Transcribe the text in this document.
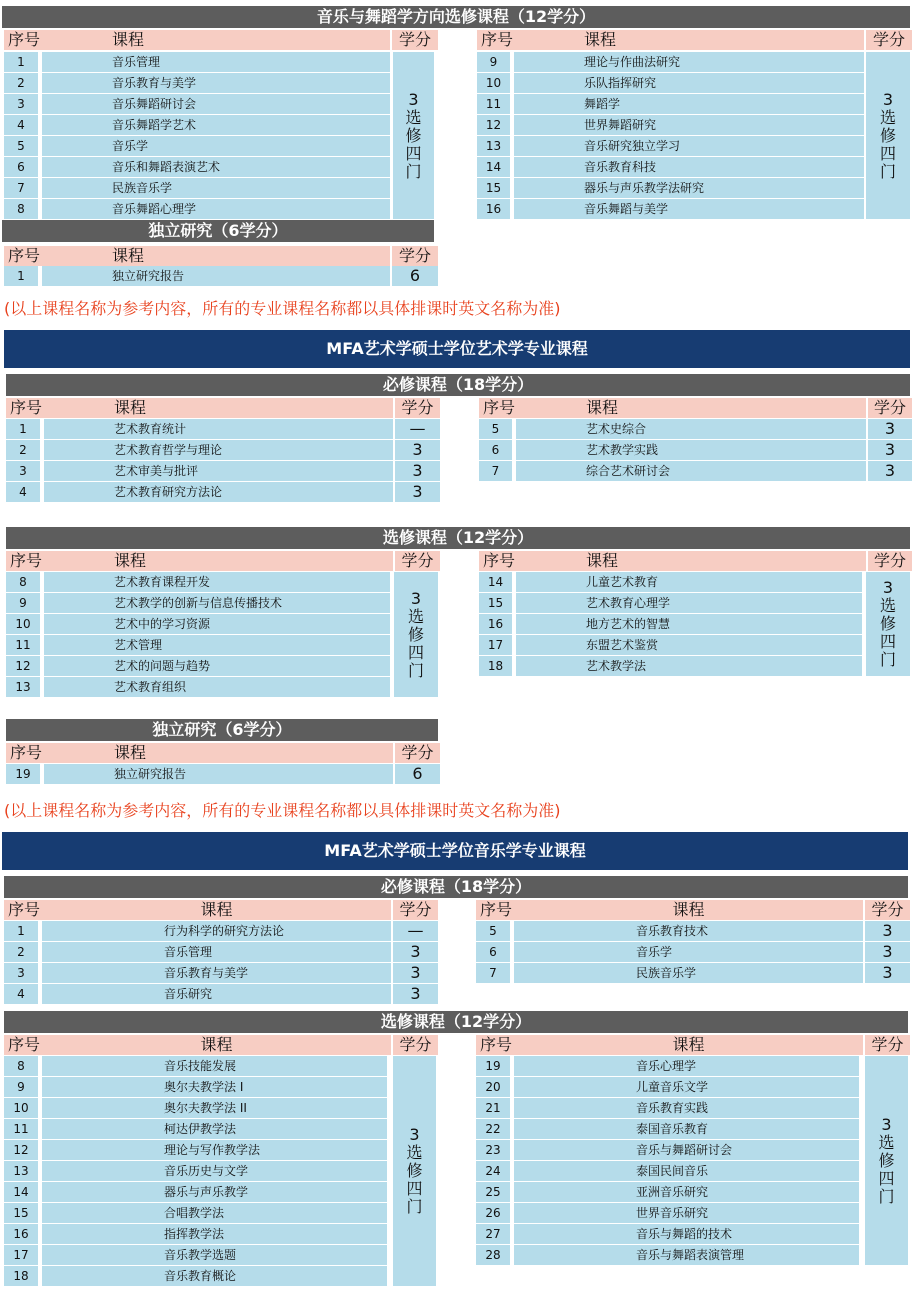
音乐与舞蹈学方向选修课程（12学分）
序号	课程	学分	序号	课程	学分
1	音乐管理
2	音乐教育与美学
3	音乐舞蹈研讨会
4	音乐舞蹈学艺术
5	音乐学
6	音乐和舞蹈表演艺术
7	民族音乐学
8	音乐舞蹈心理学
3选修四门
9	理论与作曲法研究
10	乐队指挥研究
11	舞蹈学
12	世界舞蹈研究
13	音乐研究独立学习
14	音乐教育科技
15	器乐与声乐教学法研究
16	音乐舞蹈与美学
3选修四门
独立研究（6学分）
序号	课程	学分
1	独立研究报告	6
(以上课程名称为参考内容，所有的专业课程名称都以具体排课时英文名称为准)
MFA艺术学硕士学位艺术学专业课程
必修课程（18学分）
序号	课程	学分	序号	课程	学分
1	艺术教育统计	—
2	艺术教育哲学与理论	3
3	艺术审美与批评	3
4	艺术教育研究方法论	3
5	艺术史综合	3
6	艺术教学实践	3
7	综合艺术研讨会	3
选修课程（12学分）
序号	课程	学分	序号	课程	学分
8	艺术教育课程开发
9	艺术教学的创新与信息传播技术
10	艺术中的学习资源
11	艺术管理
12	艺术的问题与趋势
13	艺术教育组织
3选修四门
14	儿童艺术教育
15	艺术教育心理学
16	地方艺术的智慧
17	东盟艺术鉴赏
18	艺术教学法
3选修四门
独立研究（6学分）
序号	课程	学分
19	独立研究报告	6
(以上课程名称为参考内容，所有的专业课程名称都以具体排课时英文名称为准)
MFA艺术学硕士学位音乐学专业课程
必修课程（18学分）
序号	课程	学分	序号	课程	学分
1	行为科学的研究方法论	—
2	音乐管理	3
3	音乐教育与美学	3
4	音乐研究	3
5	音乐教育技术	3
6	音乐学	3
7	民族音乐学	3
选修课程（12学分）
序号	课程	学分	序号	课程	学分
8	音乐技能发展
9	奥尔夫教学法 I
10	奥尔夫教学法 II
11	柯达伊教学法
12	理论与写作教学法
13	音乐历史与文学
14	器乐与声乐教学
15	合唱教学法
16	指挥教学法
17	音乐教学选题
18	音乐教育概论
3选修四门
19	音乐心理学
20	儿童音乐文学
21	音乐教育实践
22	泰国音乐教育
23	音乐与舞蹈研讨会
24	泰国民间音乐
25	亚洲音乐研究
26	世界音乐研究
27	音乐与舞蹈的技术
28	音乐与舞蹈表演管理
3选修四门
